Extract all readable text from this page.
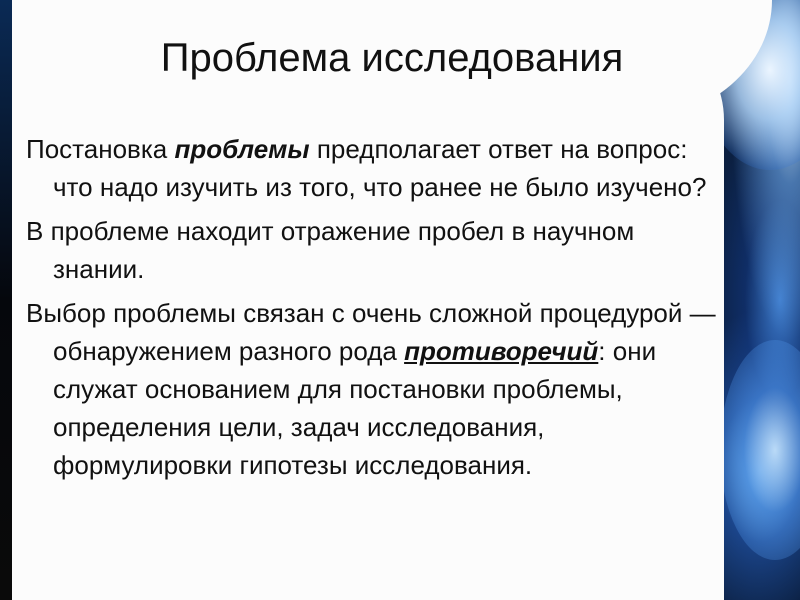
Проблема исследования

Постановка проблемы предполагает ответ на вопрос: что надо изучить из того, что ранее не было изучено?

В проблеме находит отражение пробел в научном знании.

Выбор проблемы связан с очень сложной процедурой — обнаружением разного рода противоречий: они служат основанием для постановки проблемы, определения цели, задач исследования, формулировки гипотезы исследования.
